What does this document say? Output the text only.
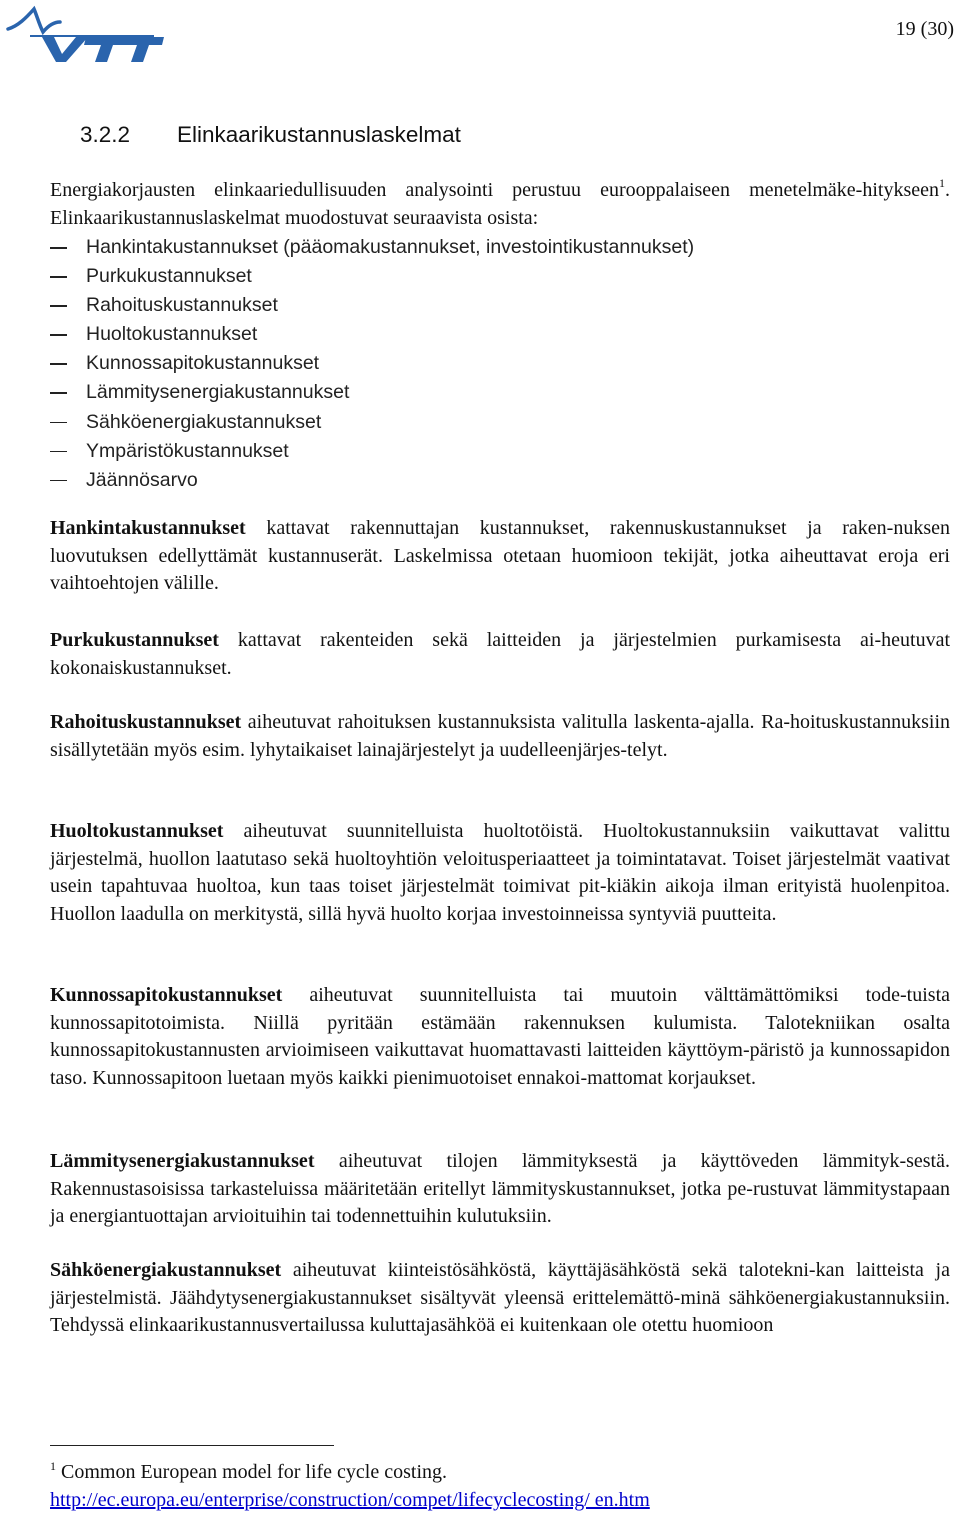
19 (30)
3.2.2 Elinkaarikustannuslaskelmat

Energiakorjausten elinkaariedullisuuden analysointi perustuu eurooppalaiseen menetelmäke-hitykseen$^1$. Elinkaarikustannuslaskelmat muodostuvat seuraavista osista:

Hankintakustannukset (pääomakustannukset, investointikustannukset)
Purkukustannukset
Rahoituskustannukset
Huoltokustannukset
Kunnossapitokustannukset
Lämmitysenergiakustannukset
Sähköenergiakustannukset
Ympäristökustannukset
Jäännösarvo

Hankintakustannukset kattavat rakennuttajan kustannukset, rakennuskustannukset ja raken-nuksen luovutuksen edellyttämät kustannuserät. Laskelmissa otetaan huomioon tekijät, jotka aiheuttavat eroja eri vaihtoehtojen välille.

Purkukustannukset kattavat rakenteiden sekä laitteiden ja järjestelmien purkamisesta ai-heutuvat kokonaiskustannukset.

Rahoituskustannukset aiheutuvat rahoituksen kustannuksista valitulla laskenta-ajalla. Ra-hoituskustannuksiin sisällytetään myös esim. lyhytaikaiset lainajärjestelyt ja uudelleenjärjes-telyt.

Huoltokustannukset aiheutuvat suunnitelluista huoltotöistä. Huoltokustannuksiin vaikuttavat valittu järjestelmä, huollon laatutaso sekä huoltoyhtiön veloitusperiaatteet ja toimintatavat. Toiset järjestelmät vaativat usein tapahtuvaa huoltoa, kun taas toiset järjestelmät toimivat pit-kiäkin aikoja ilman erityistä huolenpitoa. Huollon laadulla on merkitystä, sillä hyvä huolto korjaa investoinneissa syntyviä puutteita.

Kunnossapitokustannukset aiheutuvat suunnitelluista tai muutoin välttämättömiksi tode-tuista kunnossapitotoimista. Niillä pyritään estämään rakennuksen kulumista. Talotekniikan osalta kunnossapitokustannusten arvioimiseen vaikuttavat huomattavasti laitteiden käyttöym-päristö ja kunnossapidon taso. Kunnossapitoon luetaan myös kaikki pienimuotoiset ennakoi-mattomat korjaukset.

Lämmitysenergiakustannukset aiheutuvat tilojen lämmityksestä ja käyttöveden lämmityk-sestä. Rakennustasoisissa tarkasteluissa määritetään eritellyt lämmityskustannukset, jotka pe-rustuvat lämmitystapaan ja energiantuottajan arvioituihin tai todennettuihin kulutuksiin.

Sähköenergiakustannukset aiheutuvat kiinteistösähköstä, käyttäjäsähköstä sekä talotekni-kan laitteista ja järjestelmistä. Jäähdytysenergiakustannukset sisältyvät yleensä erittelemättö-minä sähköenergiakustannuksiin. Tehdyssä elinkaarikustannusvertailussa kuluttajasähköä ei kuitenkaan ole otettu huomioon

$^1$ Common European model for life cycle costing.
http://ec.europa.eu/enterprise/construction/compet/lifecyclecosting/ en.htm
